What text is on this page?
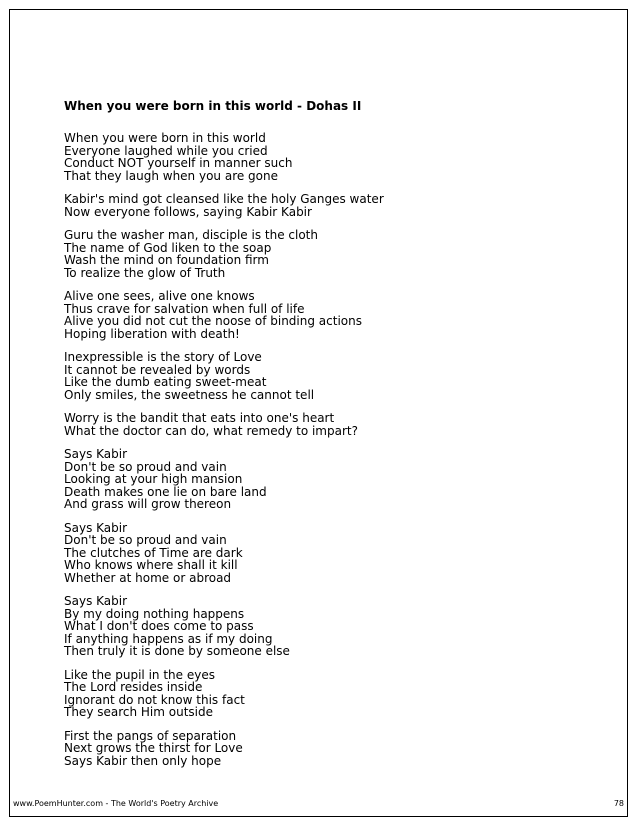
When you were born in this world - Dohas II
When you were born in this world
Everyone laughed while you cried
Conduct NOT yourself in manner such
That they laugh when you are gone
Kabir's mind got cleansed like the holy Ganges water
Now everyone follows, saying Kabir Kabir
Guru the washer man, disciple is the cloth
The name of God liken to the soap
Wash the mind on foundation firm
To realize the glow of Truth
Alive one sees, alive one knows
Thus crave for salvation when full of life
Alive you did not cut the noose of binding actions
Hoping liberation with death!
Inexpressible is the story of Love
It cannot be revealed by words
Like the dumb eating sweet-meat
Only smiles, the sweetness he cannot tell
Worry is the bandit that eats into one's heart
What the doctor can do, what remedy to impart?
Says Kabir
Don't be so proud and vain
Looking at your high mansion
Death makes one lie on bare land
And grass will grow thereon
Says Kabir
Don't be so proud and vain
The clutches of Time are dark
Who knows where shall it kill
Whether at home or abroad
Says Kabir
By my doing nothing happens
What I don't does come to pass
If anything happens as if my doing
Then truly it is done by someone else
Like the pupil in the eyes
The Lord resides inside
Ignorant do not know this fact
They search Him outside
First the pangs of separation
Next grows the thirst for Love
Says Kabir then only hope
www.PoemHunter.com - The World's Poetry Archive	78
